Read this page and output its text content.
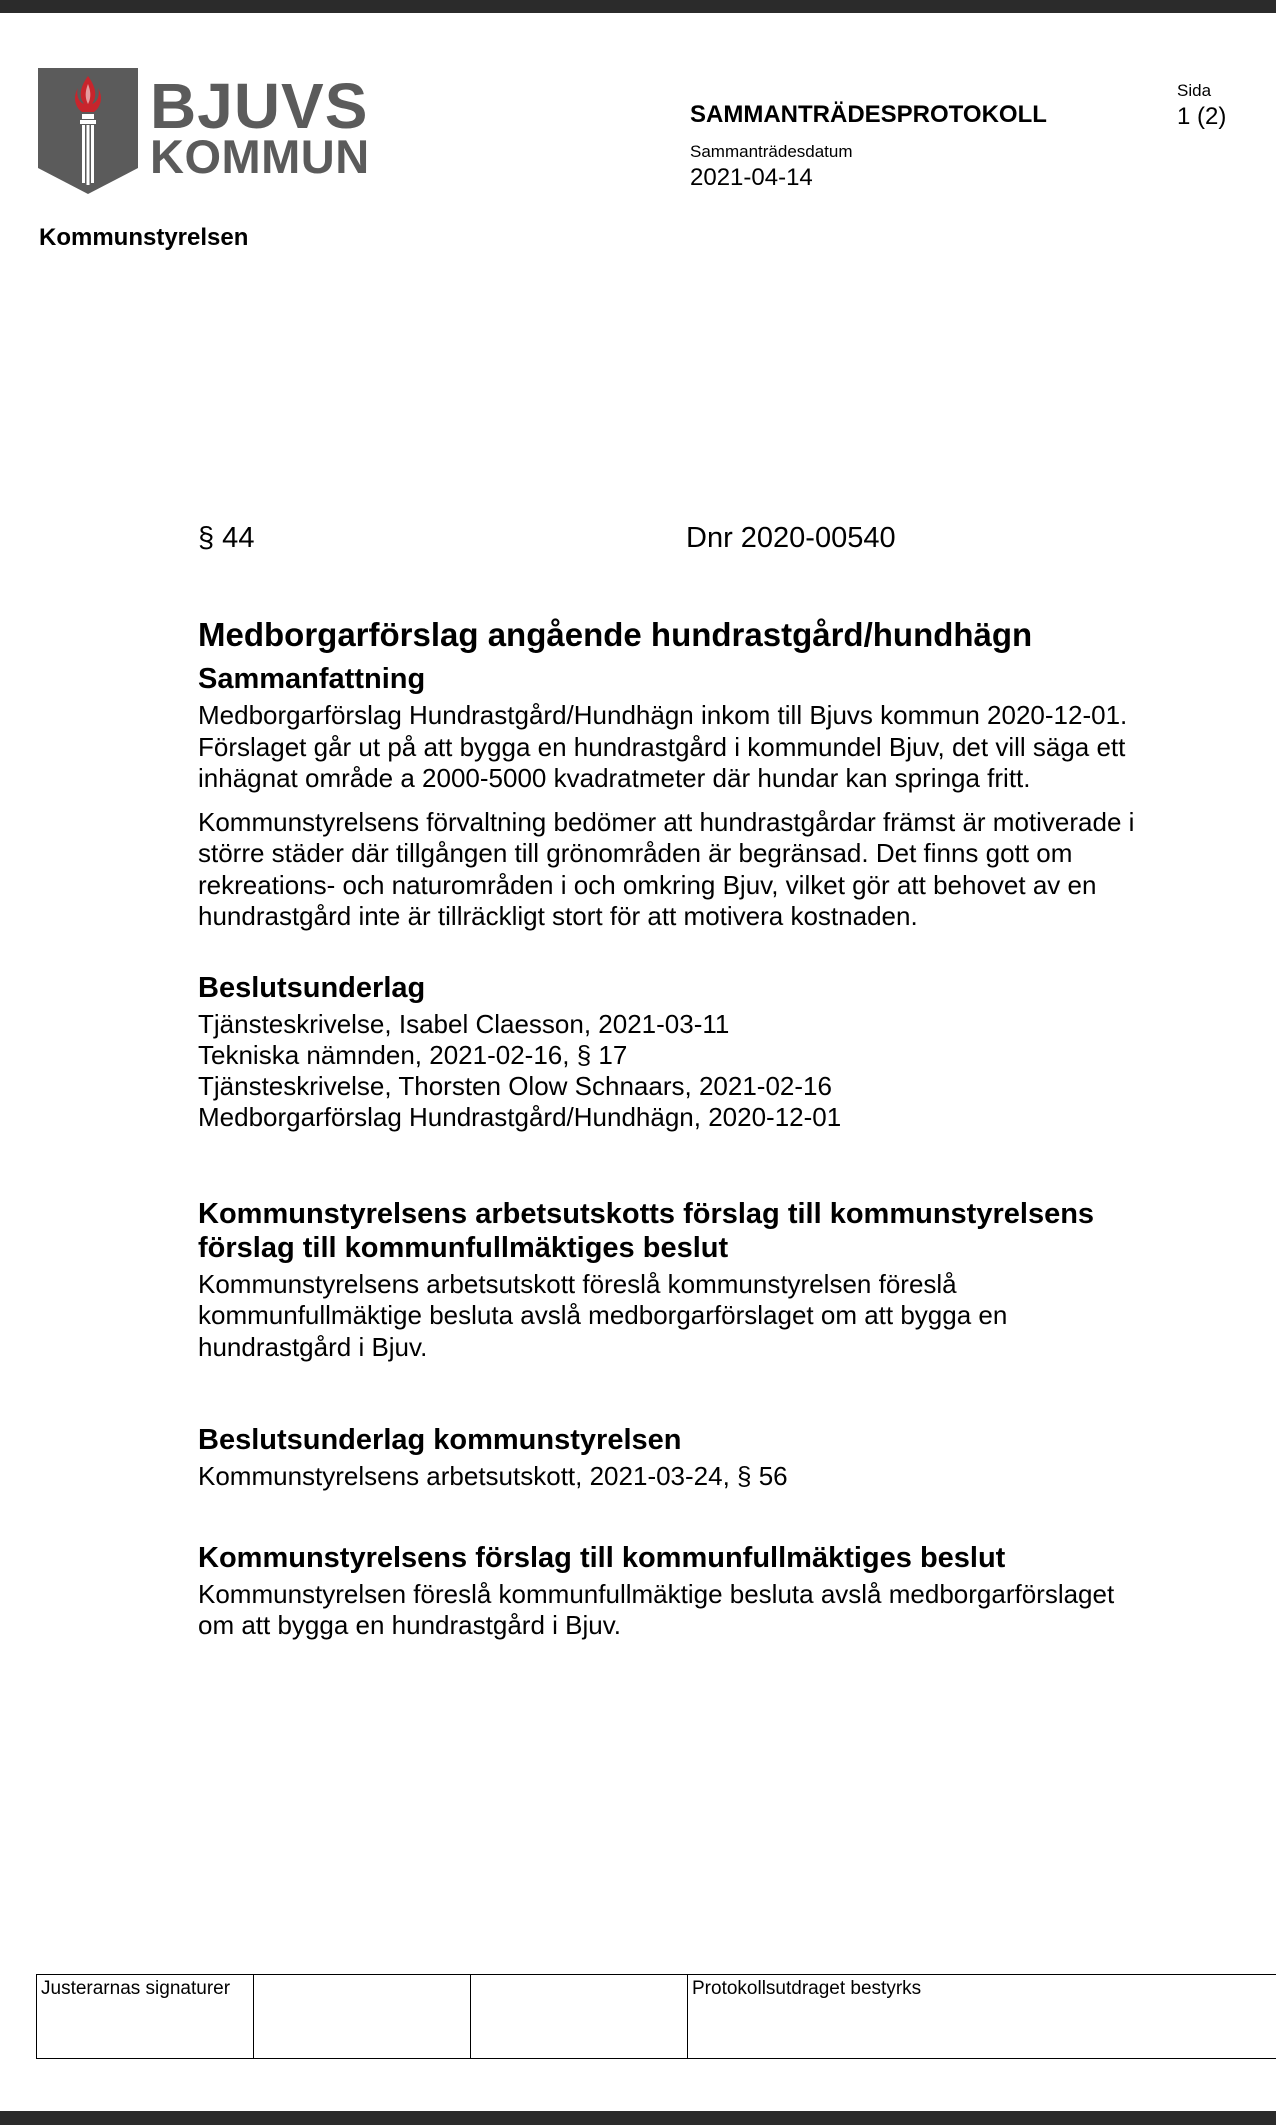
BJUVS
KOMMUN
Kommunstyrelsen
SAMMANTRÄDESPROTOKOLL
Sammanträdesdatum
2021-04-14
Sida
1 (2)
§ 44	Dnr 2020-00540
Medborgarförslag angående hundrastgård/hundhägn
Sammanfattning

Medborgarförslag Hundrastgård/Hundhägn inkom till Bjuvs kommun 2020-12-01. Förslaget går ut på att bygga en hundrastgård i kommundel Bjuv, det vill säga ett inhägnat område a 2000-5000 kvadratmeter där hundar kan springa fritt.

Kommunstyrelsens förvaltning bedömer att hundrastgårdar främst är motiverade i större städer där tillgången till grönområden är begränsad. Det finns gott om rekreations- och naturområden i och omkring Bjuv, vilket gör att behovet av en hundrastgård inte är tillräckligt stort för att motivera kostnaden.

Beslutsunderlag
Tjänsteskrivelse, Isabel Claesson, 2021-03-11
Tekniska nämnden, 2021-02-16, § 17
Tjänsteskrivelse, Thorsten Olow Schnaars, 2021-02-16
Medborgarförslag Hundrastgård/Hundhägn, 2020-12-01
Kommunstyrelsens arbetsutskotts förslag till kommunstyrelsens förslag till kommunfullmäktiges beslut

Kommunstyrelsens arbetsutskott föreslå kommunstyrelsen föreslå kommunfullmäktige besluta avslå medborgarförslaget om att bygga en hundrastgård i Bjuv.

Beslutsunderlag kommunstyrelsen

Kommunstyrelsens arbetsutskott, 2021-03-24, § 56

Kommunstyrelsens förslag till kommunfullmäktiges beslut

Kommunstyrelsen föreslå kommunfullmäktige besluta avslå medborgarförslaget om att bygga en hundrastgård i Bjuv.

Justerarnas signaturer	Protokollsutdraget bestyrks
